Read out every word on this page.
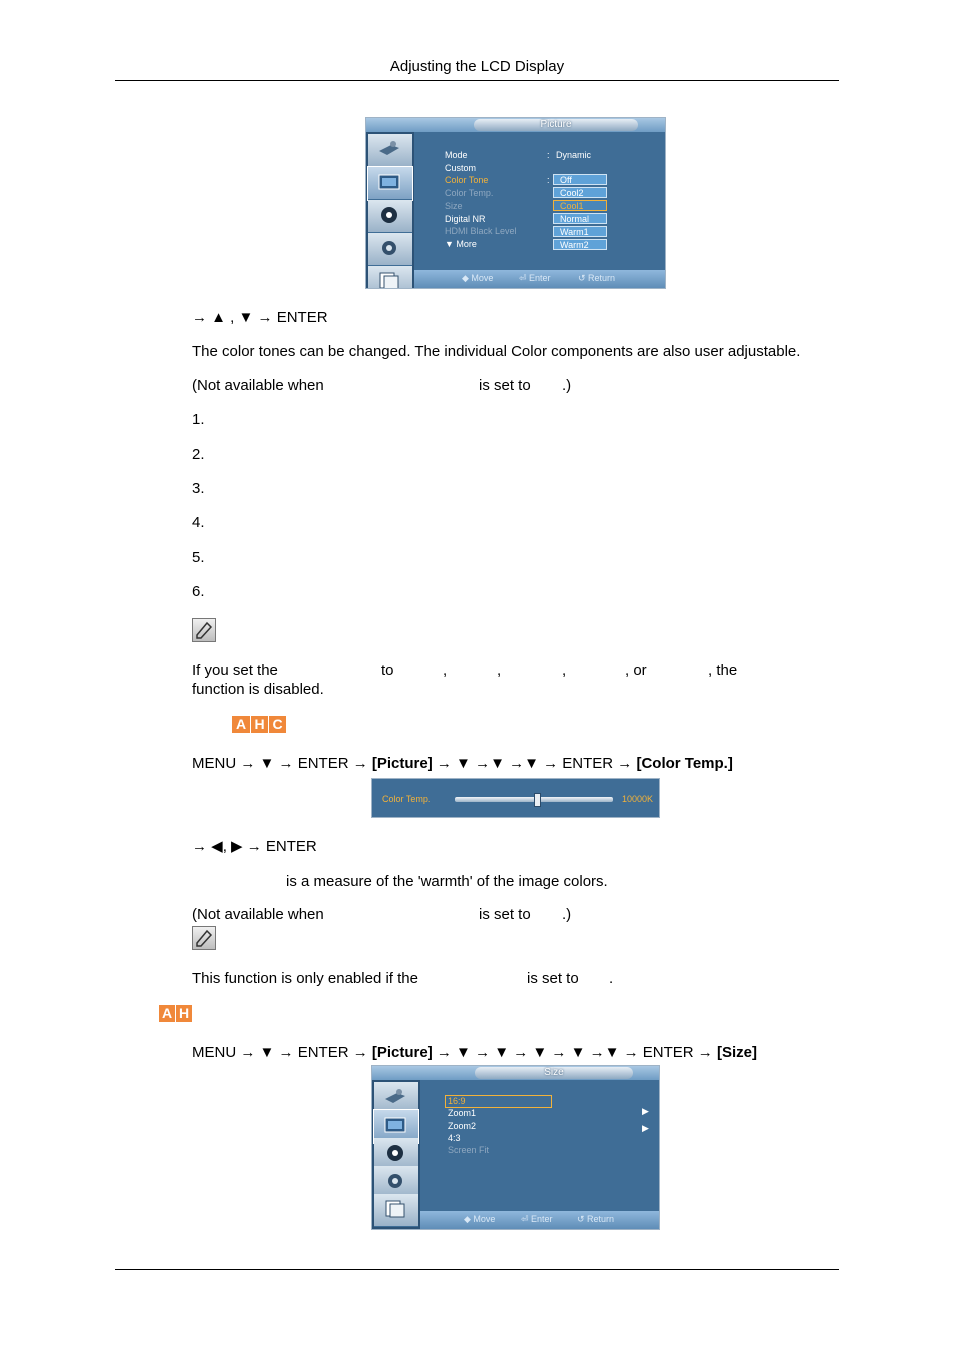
Adjusting the LCD Display
Picture
Mode	: Dynamic
Custom
Color Tone	:
Color Temp.
Size
Digital NR
HDMI Black Level
▼ More
Off
Cool2
Cool1
Normal
Warm1
Warm2
◆ Move	⏎ Enter	↺ Return
→ ▲ , ▼ → ENTER
The color tones can be changed. The individual Color components are also user adjustable.
(Not available when	is set to .)
1.
2.
3.
4.
5.
6.
If you set the	to	,	,	,	, or	, the
function is disabled.
A H C
MENU → ▼ → ENTER → [Picture] → ▼ →▼ →▼ → ENTER → [Color Temp.]
Color Temp.	10000K
→ ◀, ▶ → ENTER
is a measure of the 'warmth' of the image colors.
(Not available when	is set to .)
This function is only enabled if the	is set to .
A H
MENU → ▼ → ENTER → [Picture] → ▼ → ▼ → ▼ → ▼ →▼ → ENTER → [Size]
Size
16:9
Zoom1
Zoom2
4:3
Screen Fit
▶
▶
◆ Move	⏎ Enter	↺ Return
